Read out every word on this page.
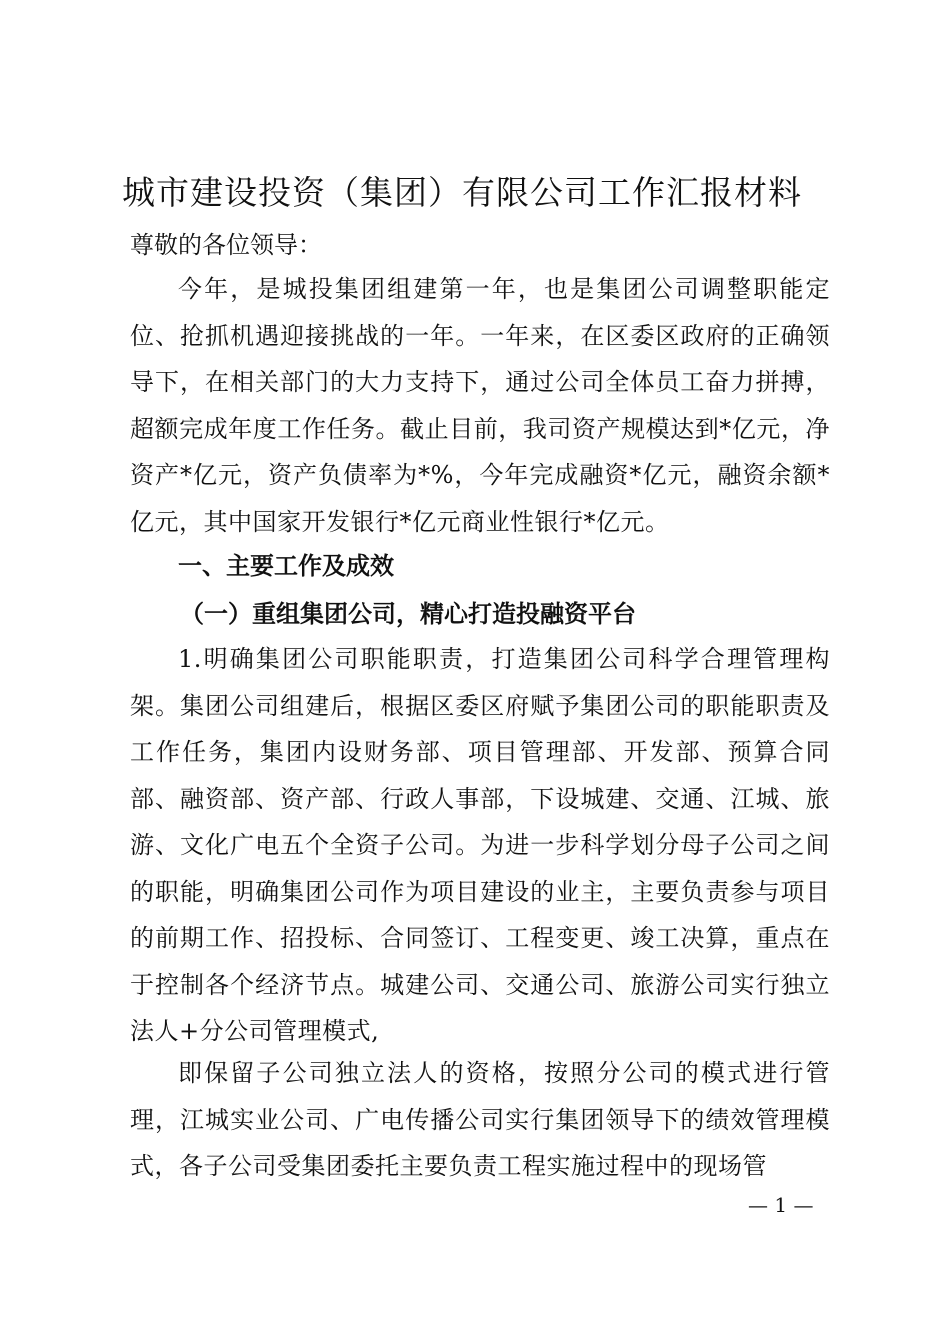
城市建设投资（集团）有限公司工作汇报材料

尊敬的各位领导：

今年，是城投集团组建第一年，也是集团公司调整职能定位、抢抓机遇迎接挑战的一年。一年来，在区委区政府的正确领导下，在相关部门的大力支持下，通过公司全体员工奋力拼搏，超额完成年度工作任务。截止目前，我司资产规模达到*亿元，净资产*亿元，资产负债率为*%，今年完成融资*亿元，融资余额*亿元，其中国家开发银行*亿元商业性银行*亿元。

一、主要工作及成效
（一）重组集团公司，精心打造投融资平台

1.明确集团公司职能职责，打造集团公司科学合理管理构架。集团公司组建后，根据区委区府赋予集团公司的职能职责及工作任务，集团内设财务部、项目管理部、开发部、预算合同部、融资部、资产部、行政人事部，下设城建、交通、江城、旅游、文化广电五个全资子公司。为进一步科学划分母子公司之间的职能，明确集团公司作为项目建设的业主，主要负责参与项目的前期工作、招投标、合同签订、工程变更、竣工决算，重点在于控制各个经济节点。城建公司、交通公司、旅游公司实行独立法人+分公司管理模式,

即保留子公司独立法人的资格，按照分公司的模式进行管理，江城实业公司、广电传播公司实行集团领导下的绩效管理模式，各子公司受集团委托主要负责工程实施过程中的现场管

— 1 —
